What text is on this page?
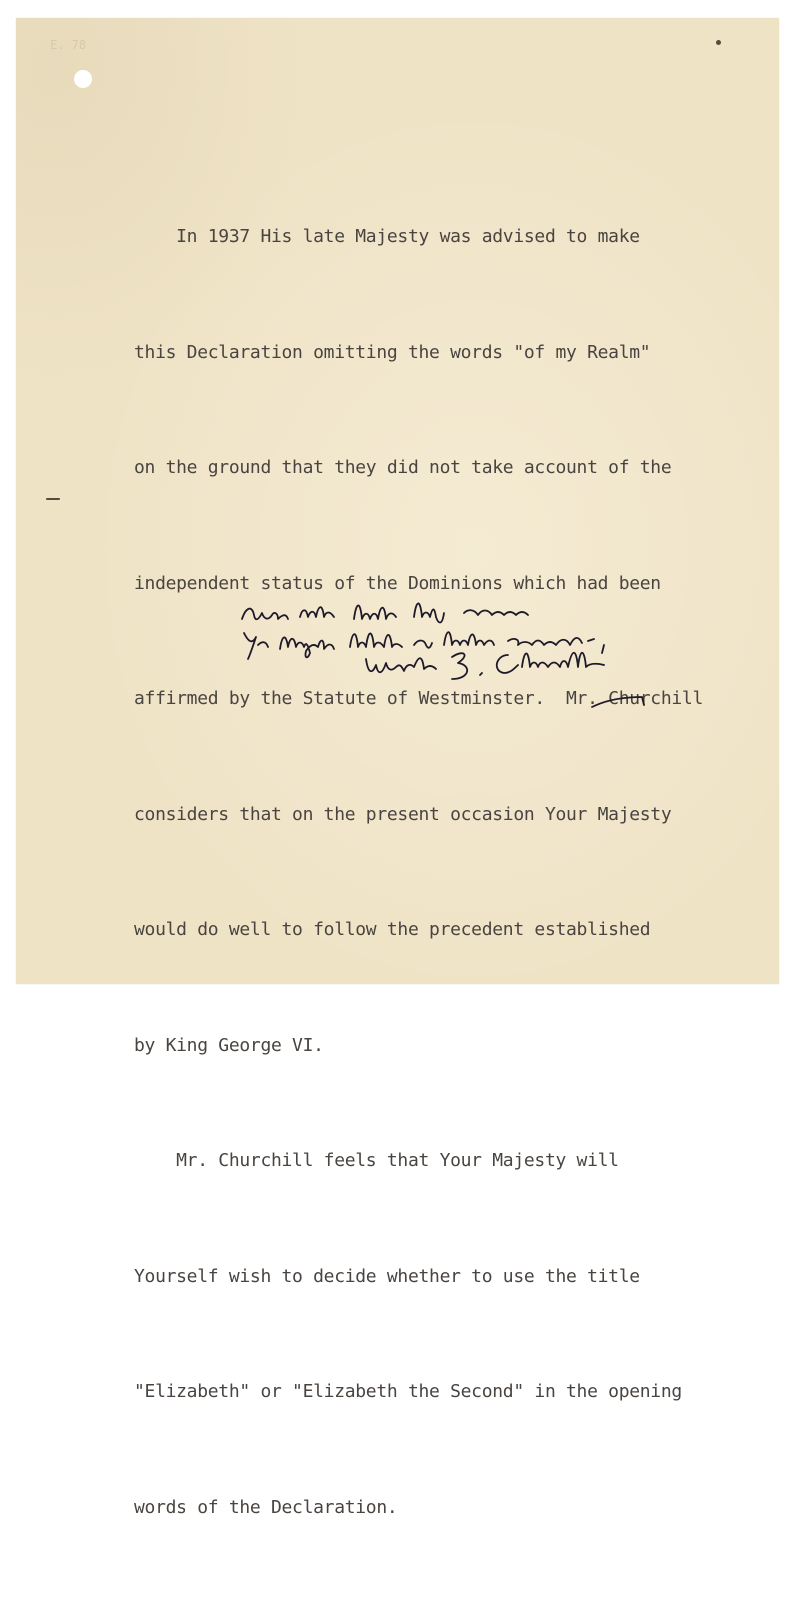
E. 78

In 1937 His late Majesty was advised to make

this Declaration omitting the words "of my Realm"

on the ground that they did not take account of the

independent status of the Dominions which had been

affirmed by the Statute of Westminster.  Mr. Churchill

considers that on the present occasion Your Majesty

would do well to follow the precedent established

by King George VI.

Mr. Churchill feels that Your Majesty will

Yourself wish to decide whether to use the title

"Elizabeth" or "Elizabeth the Second" in the opening

words of the Declaration.
